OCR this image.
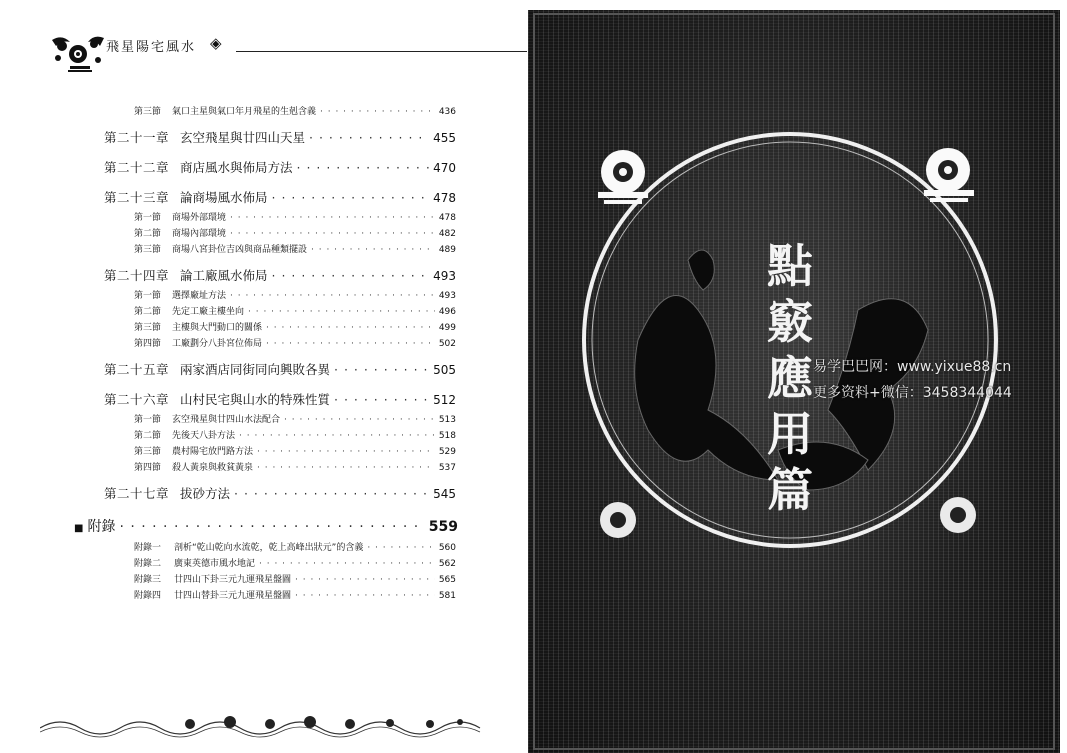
飛星陽宅風水 ◈
第三節	氣口主星與氣口年月飛星的生剋含義 · · ·	436
第二十一章 玄空飛星與廿四山天星 · · ·	455
第二十二章 商店風水與佈局方法 · · ·	470
第二十三章 論商場風水佈局 · · ·	478
第一節	商場外部環境 · · ·	478
第二節	商場內部環境 · · ·	482
第三節	商場八宮卦位吉凶與商品種類擺設 · · ·	489
第二十四章 論工廠風水佈局 · · ·	493
第一節	選擇廠址方法 · · ·	493
第二節	先定工廠主樓坐向 · · ·	496
第三節	主樓與大門動口的關係 · · ·	499
第四節	工廠劃分八卦宮位佈局 · · ·	502
第二十五章 兩家酒店同街同向興敗各異 · · ·	505
第二十六章 山村民宅與山水的特殊性質 · · ·	512
第一節	玄空飛星與廿四山水法配合 · · ·	513
第二節	先後天八卦方法 · · ·	518
第三節	農村陽宅放門路方法 · · ·	529
第四節	殺人黃泉與救貧黃泉 · · ·	537
第二十七章 拔砂方法 · · ·	545
■ 附錄 · · ·	559
附錄一	剖析“乾山乾向水流乾，乾上高峰出狀元”的含義 · · ·	560
附錄二	廣東英德市風水地記 · · ·	562
附錄三	廿四山下卦三元九運飛星盤圖 · · ·	565
附錄四	廿四山替卦三元九運飛星盤圖 · · ·	581
點
竅
應
用
篇
易学巴巴网：www.yixue88.cn
更多资料+微信：3458344044
